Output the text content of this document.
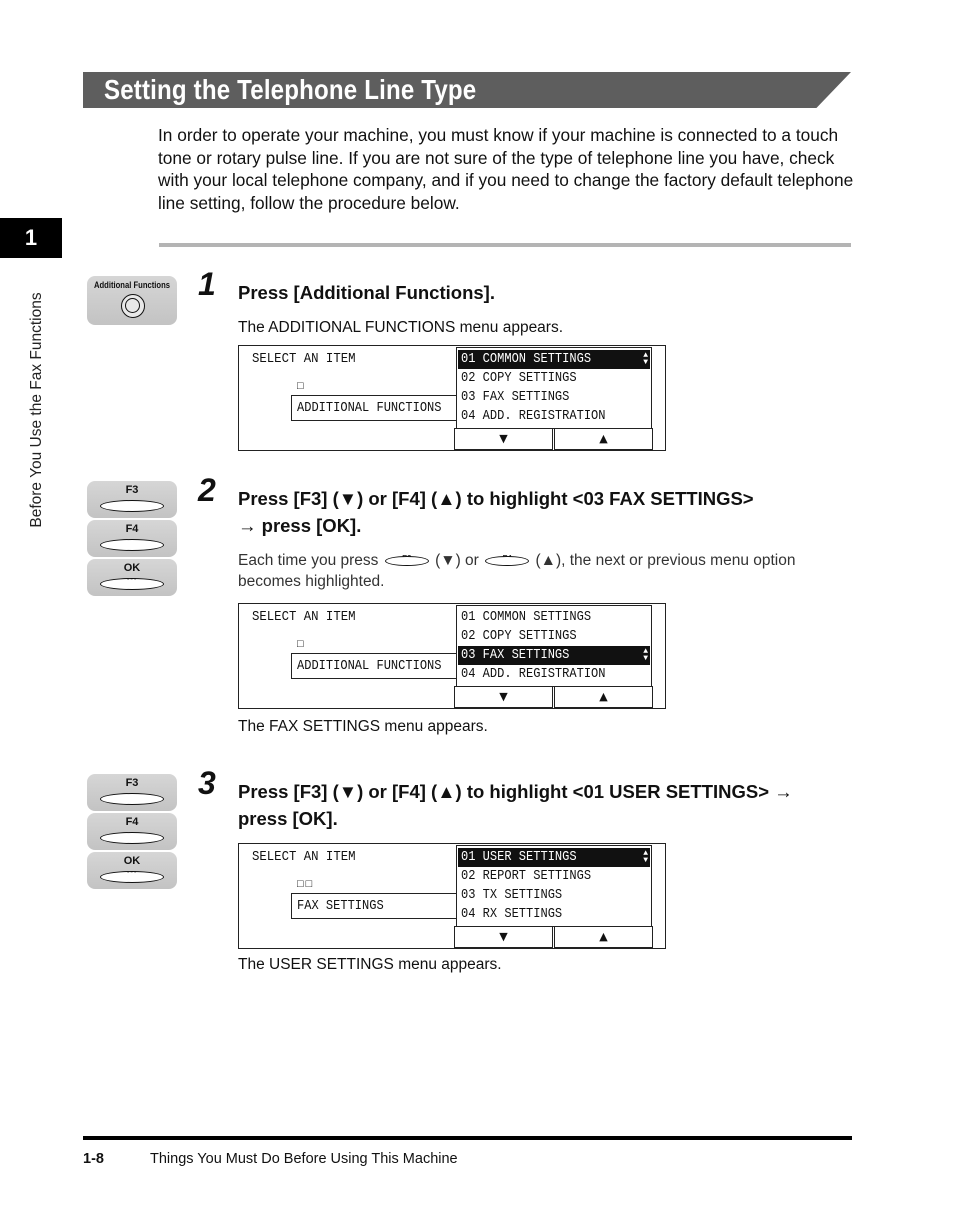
Setting the Telephone Line Type
In order to operate your machine, you must know if your machine is connected to a touch tone or rotary pulse line. If you are not sure of the type of telephone line you have, check with your local telephone company, and if you need to change the factory default telephone line setting, follow the procedure below.
1
Before You Use the Fax Functions
Additional Functions 1 Press [Additional Functions].
The ADDITIONAL FUNCTIONS menu appears.
SELECT AN ITEM
□
ADDITIONAL FUNCTIONS
01 COMMON SETTINGS	▲
▼
02 COPY SETTINGS
03 FAX SETTINGS
04 ADD. REGISTRATION
▼	▲
F3
F4
OK
◦◦◦
2 Press [F3] (▼) or [F4] (▲) to highlight <03 FAX SETTINGS>
→ press [OK].
Each time you press	(▼) or	(▲), the next or previous menu option
becomes highlighted.
SELECT AN ITEM
□
ADDITIONAL FUNCTIONS
01 COMMON SETTINGS
02 COPY SETTINGS
03 FAX SETTINGS	▲
▼
04 ADD. REGISTRATION
▼	▲
The FAX SETTINGS menu appears.
F3
F4
OK
◦◦◦
3 Press [F3] (▼) or [F4] (▲) to highlight <01 USER SETTINGS> →
press [OK].
SELECT AN ITEM
□□
FAX SETTINGS
01 USER SETTINGS	▲
▼
02 REPORT SETTINGS
03 TX SETTINGS
04 RX SETTINGS
▼	▲
The USER SETTINGS menu appears.
1-8	Things You Must Do Before Using This Machine
